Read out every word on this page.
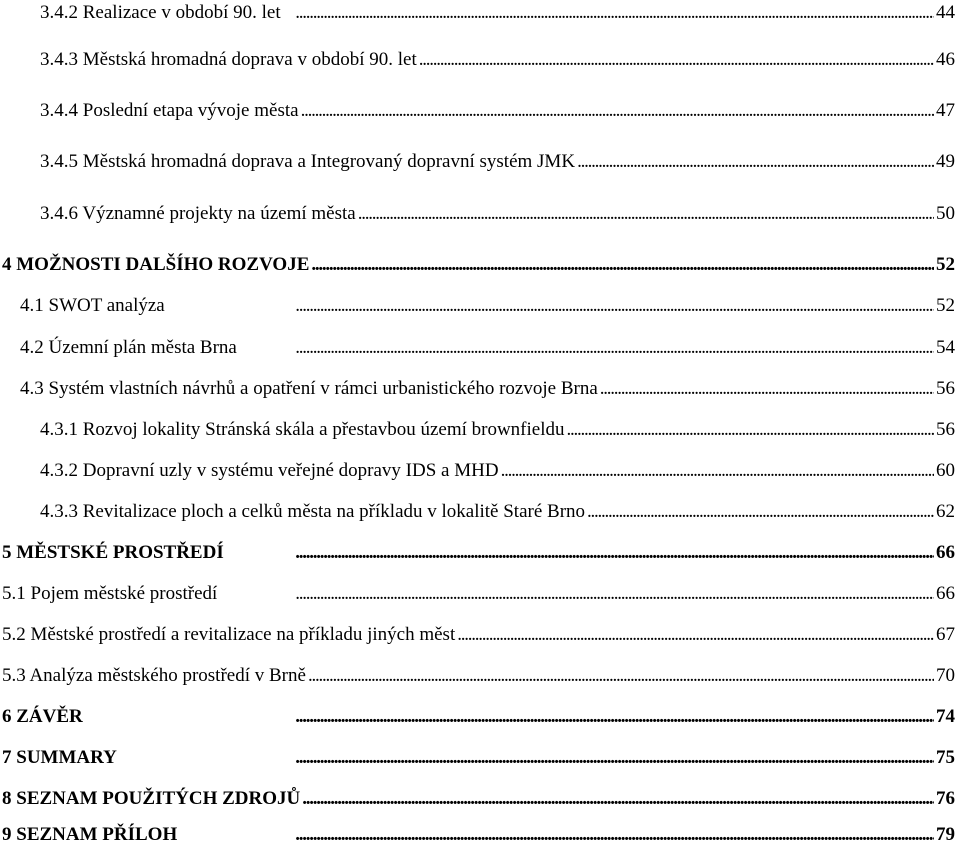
3.4.2 Realizace v období 90. let . . .	44
3.4.3 Městská hromadná doprava v období 90. let . . .	46
3.4.4 Poslední etapa vývoje města . . .	47
3.4.5 Městská hromadná doprava a Integrovaný dopravní systém JMK . . .	49
3.4.6 Významné projekty na území města . . .	50
4 MOŽNOSTI DALŠÍHO ROZVOJE . . .	52
4.1 SWOT analýza . . .	52
4.2 Územní plán města Brna . . .	54
4.3 Systém vlastních návrhů a opatření v rámci urbanistického rozvoje Brna . . .	56
4.3.1 Rozvoj lokality Stránská skála a přestavbou území brownfieldu . . .	56
4.3.2 Dopravní uzly v systému veřejné dopravy IDS a MHD . . .	60
4.3.3 Revitalizace ploch a celků města na příkladu v lokalitě Staré Brno . . .	62
5 MĚSTSKÉ PROSTŘEDÍ . . .	66
5.1 Pojem městské prostředí . . .	66
5.2 Městské prostředí a revitalizace na příkladu jiných měst . . .	67
5.3 Analýza městského prostředí v Brně . . .	70
6 ZÁVĚR . . .	74
7 SUMMARY . . .	75
8 SEZNAM POUŽITÝCH ZDROJŮ . . .	76
9 SEZNAM PŘÍLOH . . .	79
